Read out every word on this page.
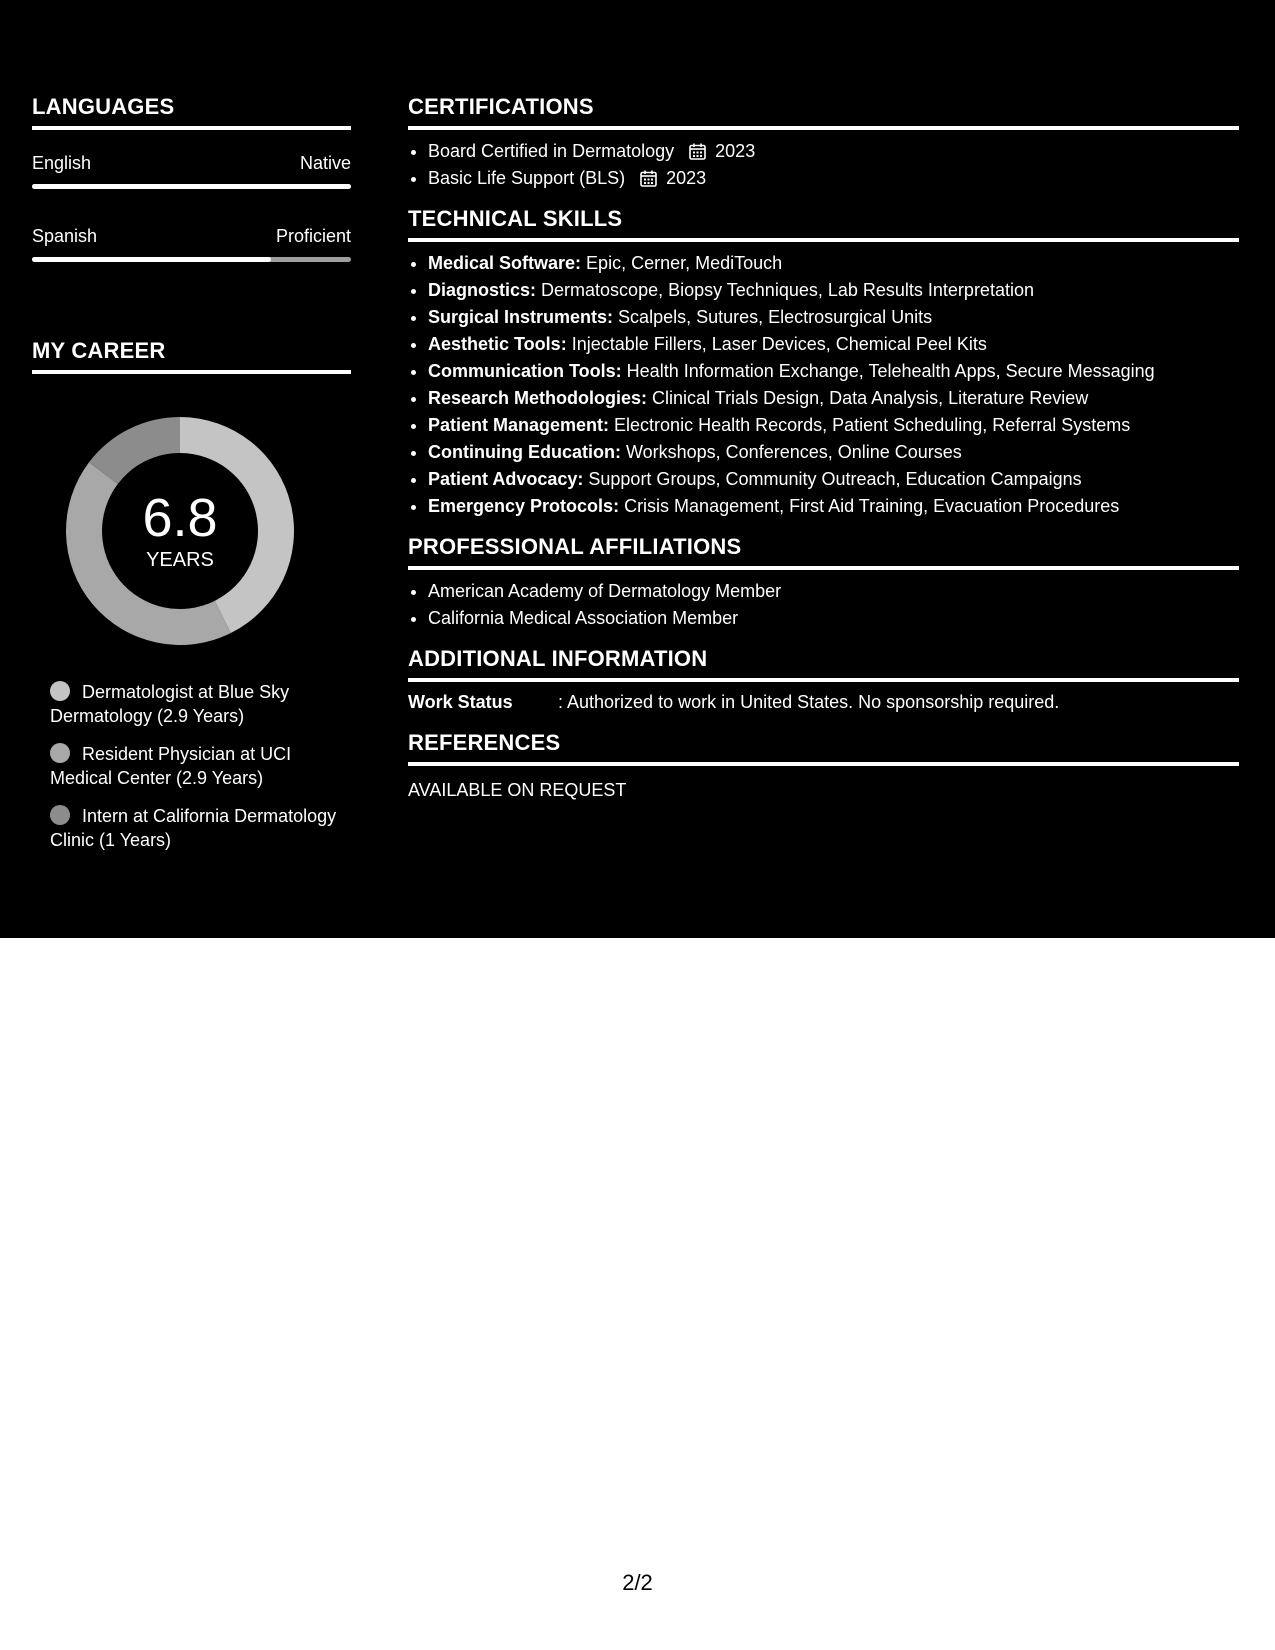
LANGUAGES
English	Native
Spanish	Proficient
MY CAREER
6.8
YEARS
Dermatologist at Blue Sky Dermatology (2.9 Years)
Resident Physician at UCI Medical Center (2.9 Years)
Intern at California Dermatology Clinic (1 Years)
CERTIFICATIONS
• Board Certified in Dermatology 2023
• Basic Life Support (BLS) 2023
TECHNICAL SKILLS
• Medical Software: Epic, Cerner, MediTouch
• Diagnostics: Dermatoscope, Biopsy Techniques, Lab Results Interpretation
• Surgical Instruments: Scalpels, Sutures, Electrosurgical Units
• Aesthetic Tools: Injectable Fillers, Laser Devices, Chemical Peel Kits
• Communication Tools: Health Information Exchange, Telehealth Apps, Secure Messaging
• Research Methodologies: Clinical Trials Design, Data Analysis, Literature Review
• Patient Management: Electronic Health Records, Patient Scheduling, Referral Systems
• Continuing Education: Workshops, Conferences, Online Courses
• Patient Advocacy: Support Groups, Community Outreach, Education Campaigns
• Emergency Protocols: Crisis Management, First Aid Training, Evacuation Procedures
PROFESSIONAL AFFILIATIONS
• American Academy of Dermatology Member
• California Medical Association Member
ADDITIONAL INFORMATION
Work Status	: Authorized to work in United States. No sponsorship required.
REFERENCES
AVAILABLE ON REQUEST
2/2
